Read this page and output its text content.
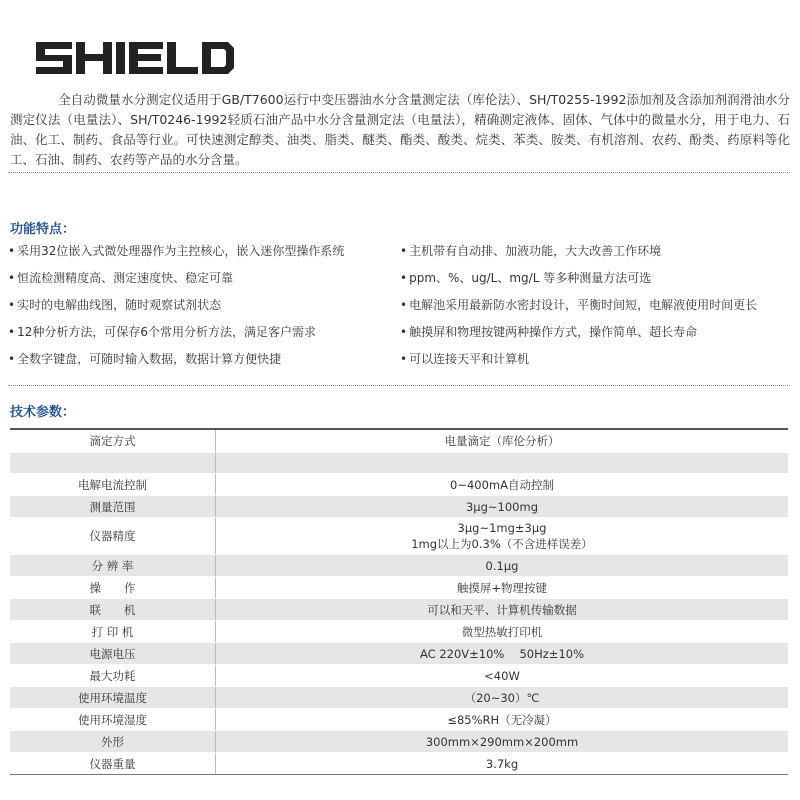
全自动微量水分测定仪适用于GB/T7600运行中变压器油水分含量测定法（库伦法）、SH/T0255-1992添加剂及含添加剂润滑油水分测定仪法（电量法）、SH/T0246-1992轻质石油产品中水分含量测定法（电量法），精确测定液体、固体、气体中的微量水分，用于电力、石油、化工、制药、食品等行业。可快速测定醇类、油类、脂类、醚类、酯类、酸类、烷类、苯类、胺类、有机溶剂、农药、酚类、药原料等化工、石油、制药、农药等产品的水分含量。
功能特点：
• 采用32位嵌入式微处理器作为主控核心，嵌入迷你型操作系统	• 主机带有自动排、加液功能，大大改善工作环境
• 恒流检测精度高、测定速度快、稳定可靠	• ppm、%、ug/L、mg/L 等多种测量方法可选
• 实时的电解曲线图，随时观察试剂状态	• 电解池采用最新防水密封设计，平衡时间短，电解液使用时间更长
• 12种分析方法，可保存6个常用分析方法，满足客户需求	• 触摸屏和物理按键两种操作方式，操作简单、超长寿命
• 全数字键盘，可随时输入数据，数据计算方便快捷	• 可以连接天平和计算机
技术参数：
滴定方式	电量滴定（库伦分析）

电解电流控制	0~400mA自动控制
测量范围	3μg~100mg
仪器精度	3μg~1mg±3μg
1mg以上为0.3%（不含进样误差）

分 辨 率	0.1μg
操　　作	触摸屏+物理按键
联　　机	可以和天平、计算机传输数据
打 印 机	微型热敏打印机
电源电压	AC 220V±10%　 50Hz±10%
最大功耗	<40W
使用环境温度	（20~30）℃
使用环境湿度	≤85%RH（无冷凝）
外形	300mm×290mm×200mm
仪器重量	3.7kg
